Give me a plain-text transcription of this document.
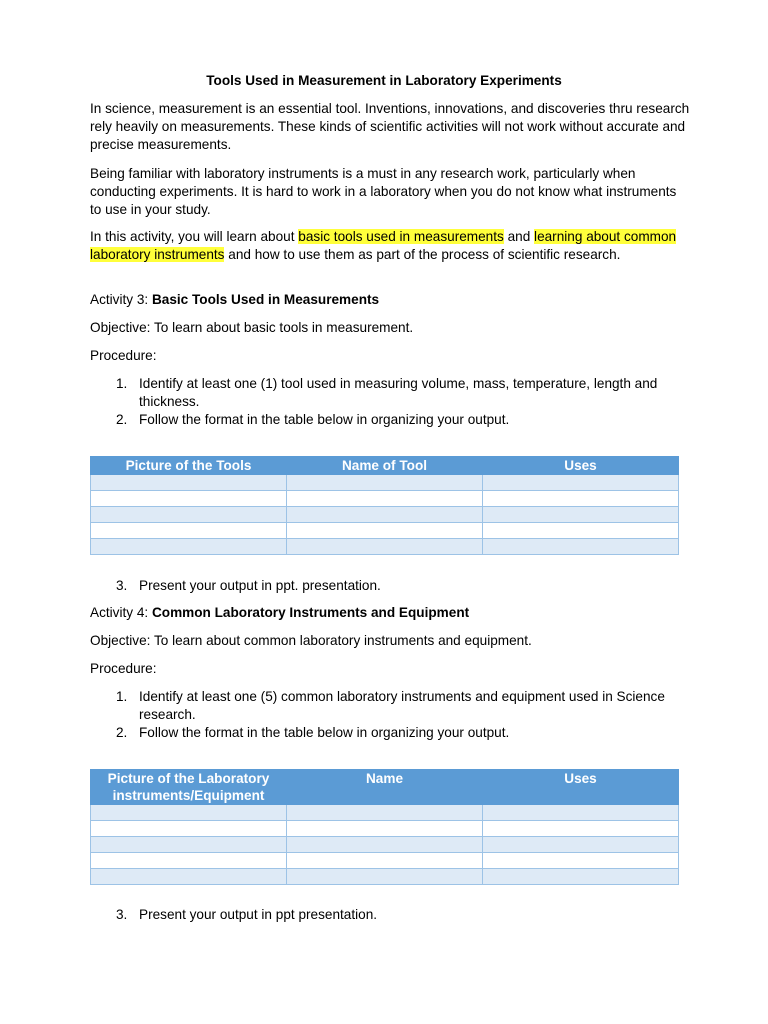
Tools Used in Measurement in Laboratory Experiments

In science, measurement is an essential tool. Inventions, innovations, and discoveries thru research rely heavily on measurements. These kinds of scientific activities will not work without accurate and precise measurements.

Being familiar with laboratory instruments is a must in any research work, particularly when conducting experiments. It is hard to work in a laboratory when you do not know what instruments to use in your study.

In this activity, you will learn about basic tools used in measurements and learning about common laboratory instruments and how to use them as part of the process of scientific research.

Activity 3: Basic Tools Used in Measurements

Objective: To learn about basic tools in measurement.

Procedure:

1. Identify at least one (1) tool used in measuring volume, mass, temperature, length and thickness.
2. Follow the format in the table below in organizing your output.
Picture of the Tools	Name of Tool	Uses

3. Present your output in ppt. presentation.

Activity 4: Common Laboratory Instruments and Equipment

Objective: To learn about common laboratory instruments and equipment.

Procedure:

1. Identify at least one (5) common laboratory instruments and equipment used in Science research.
2. Follow the format in the table below in organizing your output.
Picture of the Laboratory instruments/Equipment	Name	Uses

3. Present your output in ppt presentation.
